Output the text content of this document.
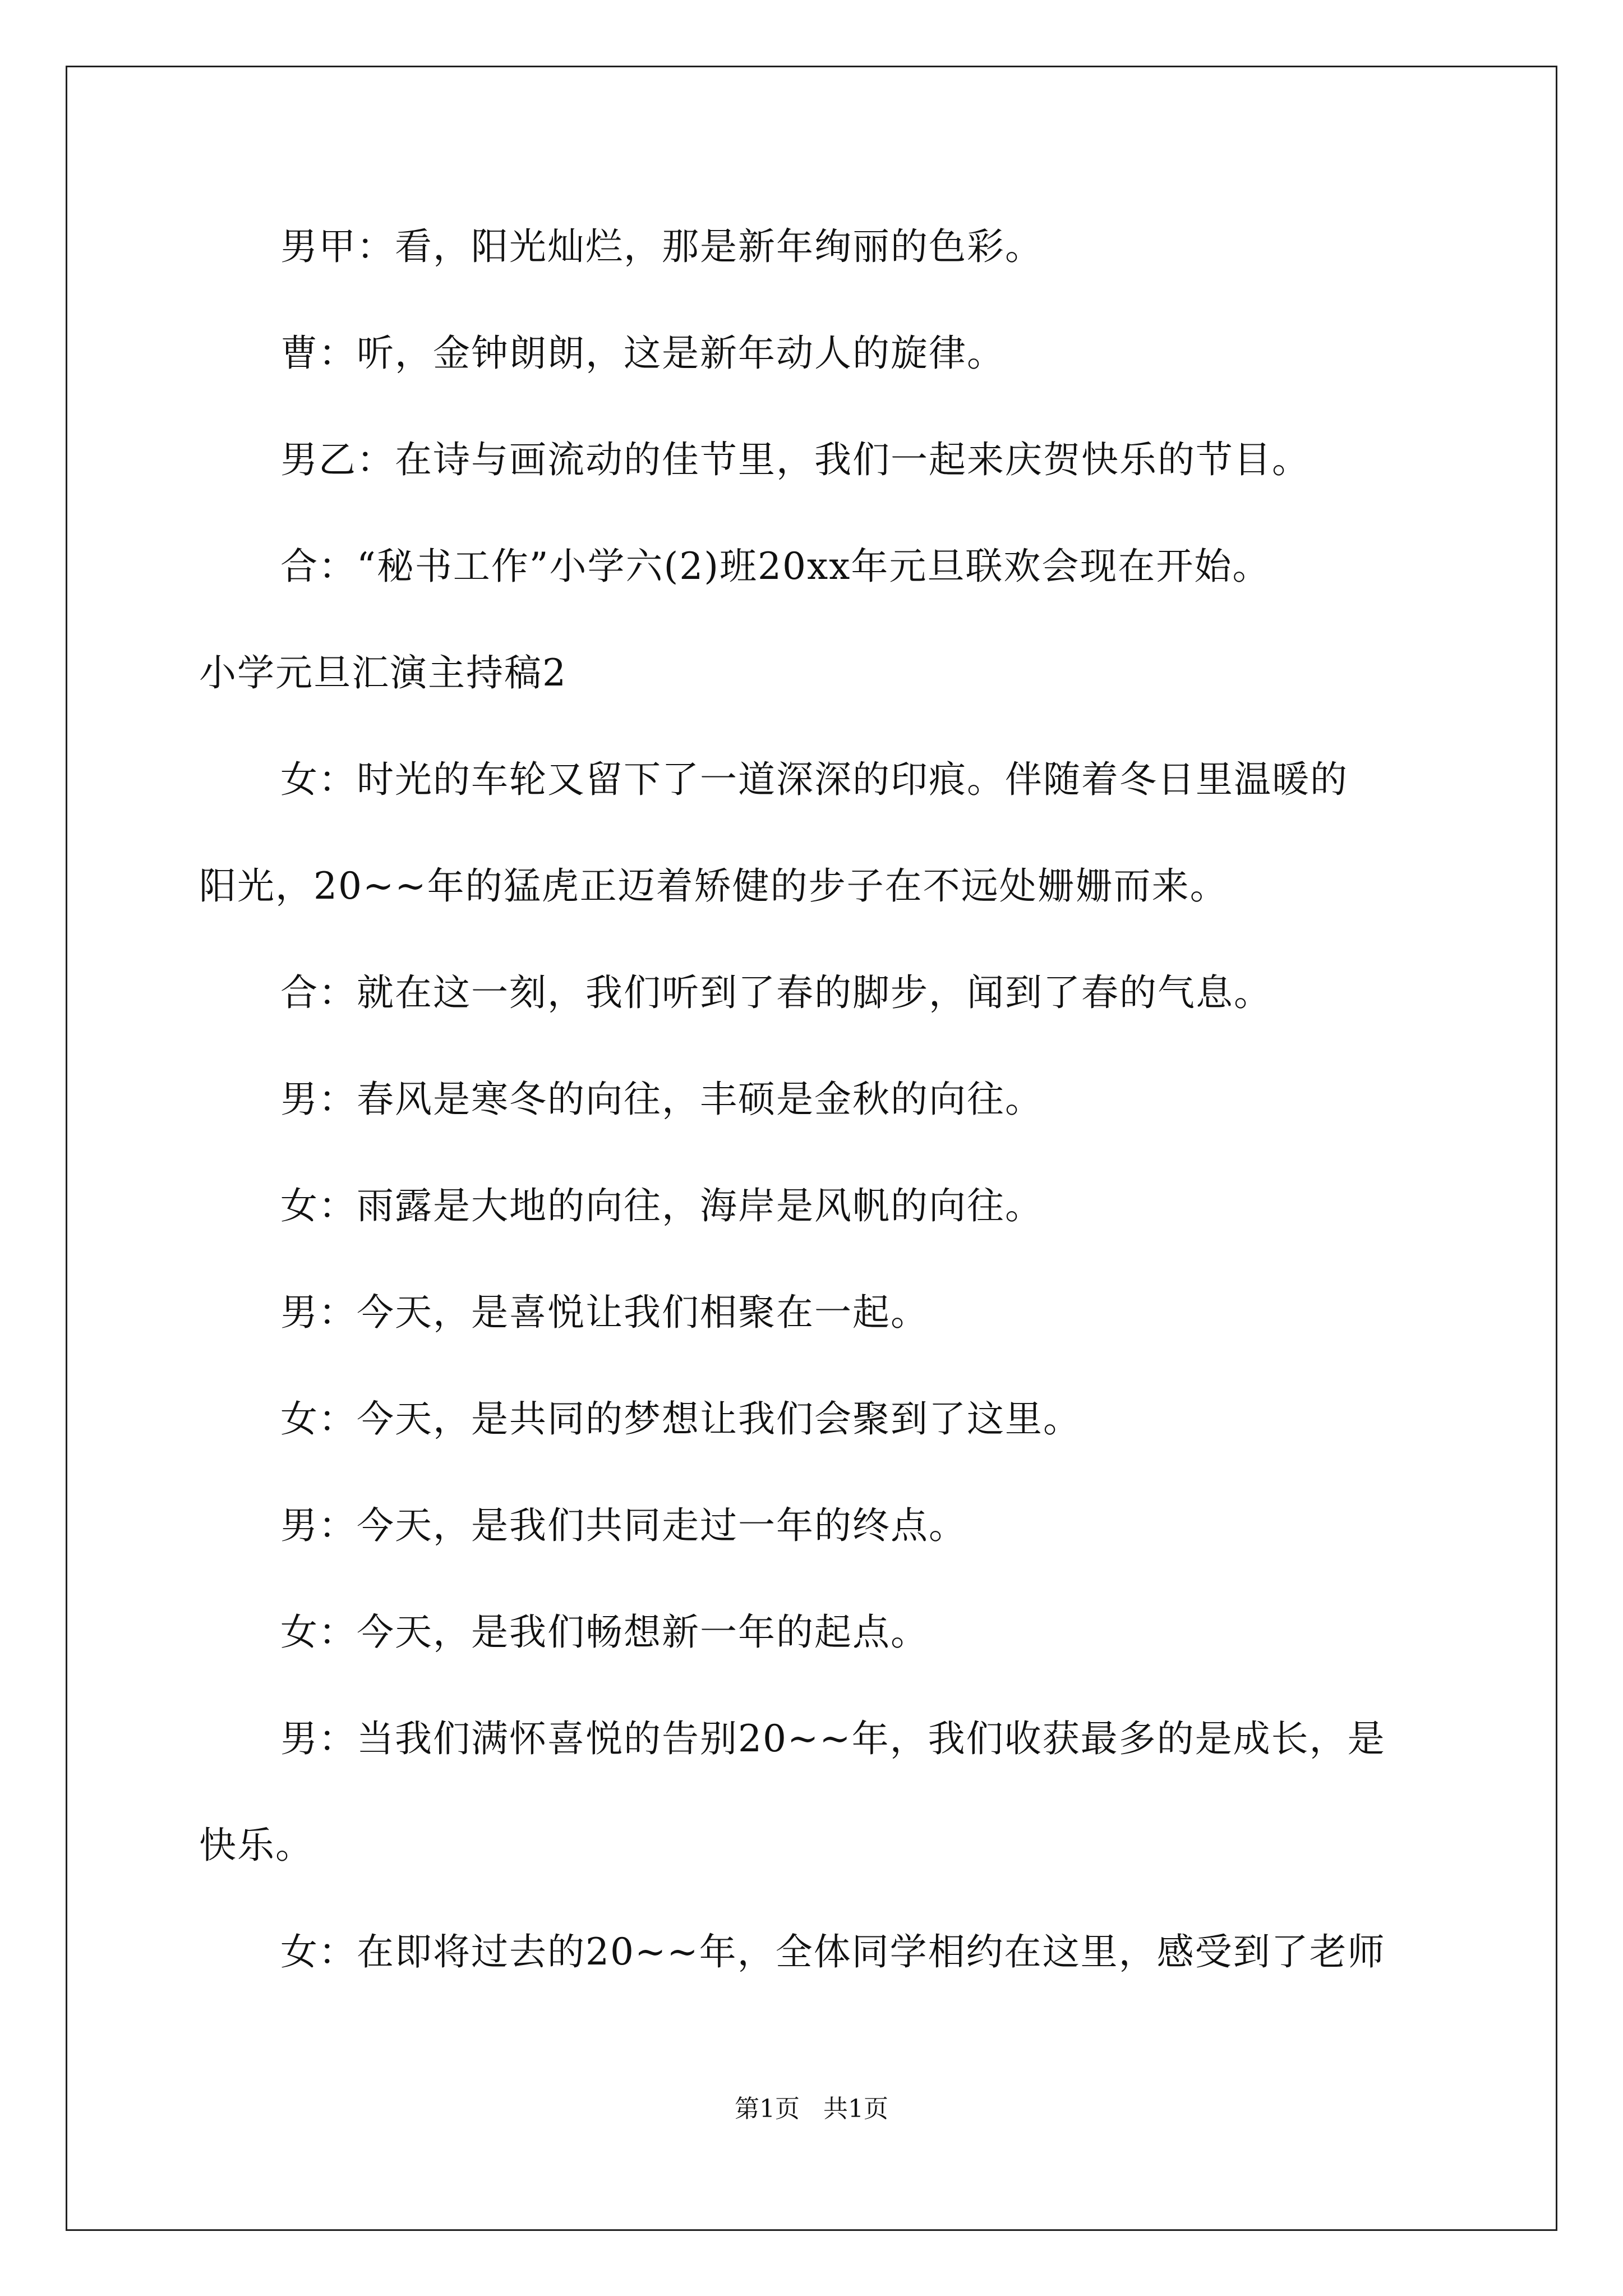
男甲：看，阳光灿烂，那是新年绚丽的色彩。
曹：听，金钟朗朗，这是新年动人的旋律。
男乙：在诗与画流动的佳节里，我们一起来庆贺快乐的节目。
合：“秘书工作”小学六(2)班20xx年元旦联欢会现在开始。
小学元旦汇演主持稿2
女：时光的车轮又留下了一道深深的印痕。伴随着冬日里温暖的
阳光，20~~年的猛虎正迈着矫健的步子在不远处姗姗而来。
合：就在这一刻，我们听到了春的脚步，闻到了春的气息。
男：春风是寒冬的向往，丰硕是金秋的向往。
女：雨露是大地的向往，海岸是风帆的向往。
男：今天，是喜悦让我们相聚在一起。
女：今天，是共同的梦想让我们会聚到了这里。
男：今天，是我们共同走过一年的终点。
女：今天，是我们畅想新一年的起点。
男：当我们满怀喜悦的告别20~~年，我们收获最多的是成长，是
快乐。
女：在即将过去的20~~年，全体同学相约在这里，感受到了老师
第1页   共1页
